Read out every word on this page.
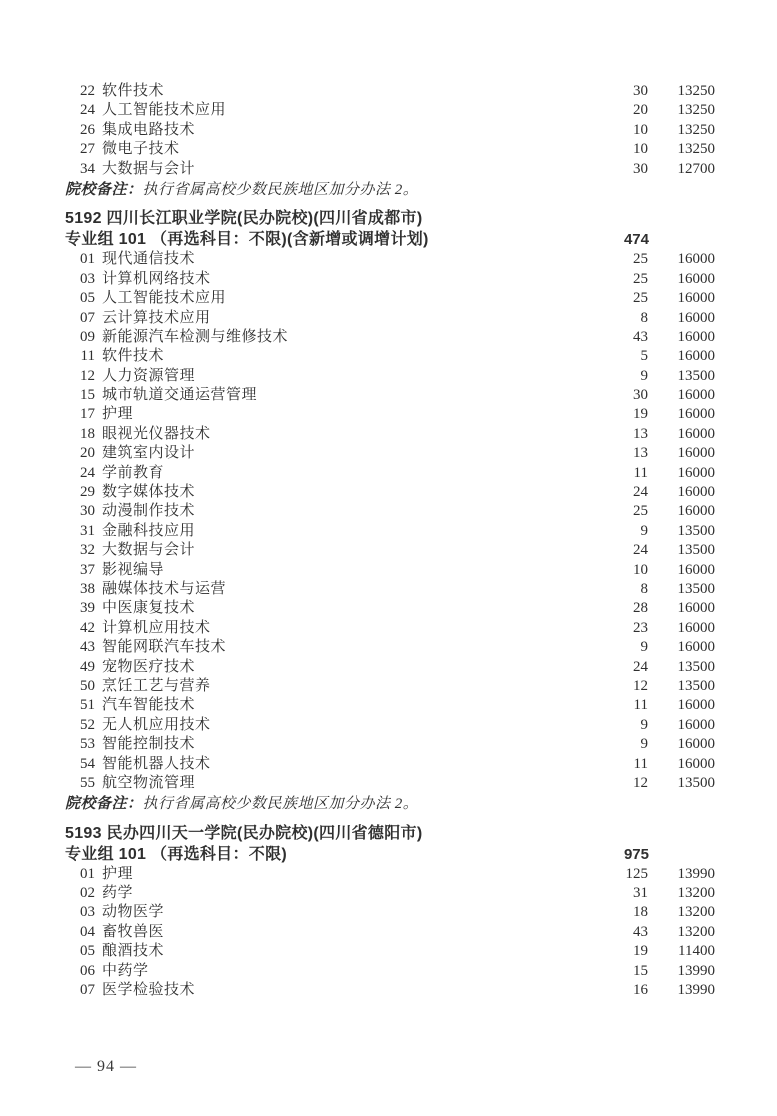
22 软件技术	30	13250
24 人工智能技术应用	20	13250
26 集成电路技术	10	13250
27 微电子技术	10	13250
34 大数据与会计	30	12700
院校备注：执行省属高校少数民族地区加分办法 2。
5192 四川长江职业学院(民办院校)(四川省成都市)
专业组 101 （再选科目：不限)(含新增或调增计划)	474
01 现代通信技术	25	16000
03 计算机网络技术	25	16000
05 人工智能技术应用	25	16000
07 云计算技术应用	8	16000
09 新能源汽车检测与维修技术	43	16000
11 软件技术	5	16000
12 人力资源管理	9	13500
15 城市轨道交通运营管理	30	16000
17 护理	19	16000
18 眼视光仪器技术	13	16000
20 建筑室内设计	13	16000
24 学前教育	11	16000
29 数字媒体技术	24	16000
30 动漫制作技术	25	16000
31 金融科技应用	9	13500
32 大数据与会计	24	13500
37 影视编导	10	16000
38 融媒体技术与运营	8	13500
39 中医康复技术	28	16000
42 计算机应用技术	23	16000
43 智能网联汽车技术	9	16000
49 宠物医疗技术	24	13500
50 烹饪工艺与营养	12	13500
51 汽车智能技术	11	16000
52 无人机应用技术	9	16000
53 智能控制技术	9	16000
54 智能机器人技术	11	16000
55 航空物流管理	12	13500
院校备注：执行省属高校少数民族地区加分办法 2。
5193 民办四川天一学院(民办院校)(四川省德阳市)
专业组 101 （再选科目：不限)	975
01 护理	125	13990
02 药学	31	13200
03 动物医学	18	13200
04 畜牧兽医	43	13200
05 酿酒技术	19	11400
06 中药学	15	13990
07 医学检验技术	16	13990
— 94 —
